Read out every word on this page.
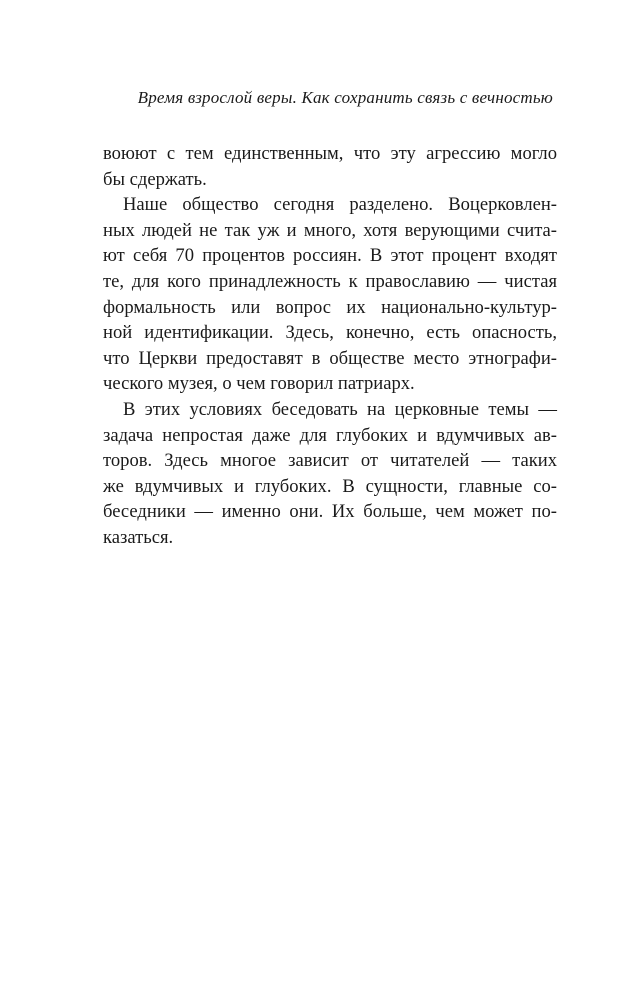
Время взрослой веры. Как сохранить связь с вечностью
воюют с тем единственным, что эту агрессию могло
бы сдержать.
Наше общество сегодня разделено. Воцерковлен-
ных людей не так уж и много, хотя верующими счита-
ют себя 70 процентов россиян. В этот процент входят
те, для кого принадлежность к православию — чистая
формальность или вопрос их национально-культур-
ной идентификации. Здесь, конечно, есть опасность,
что Церкви предоставят в обществе место этнографи-
ческого музея, о чем говорил патриарх.
В этих условиях беседовать на церковные темы —
задача непростая даже для глубоких и вдумчивых ав-
торов. Здесь многое зависит от читателей — таких
же вдумчивых и глубоких. В сущности, главные со-
беседники — именно они. Их больше, чем может по-
казаться.
